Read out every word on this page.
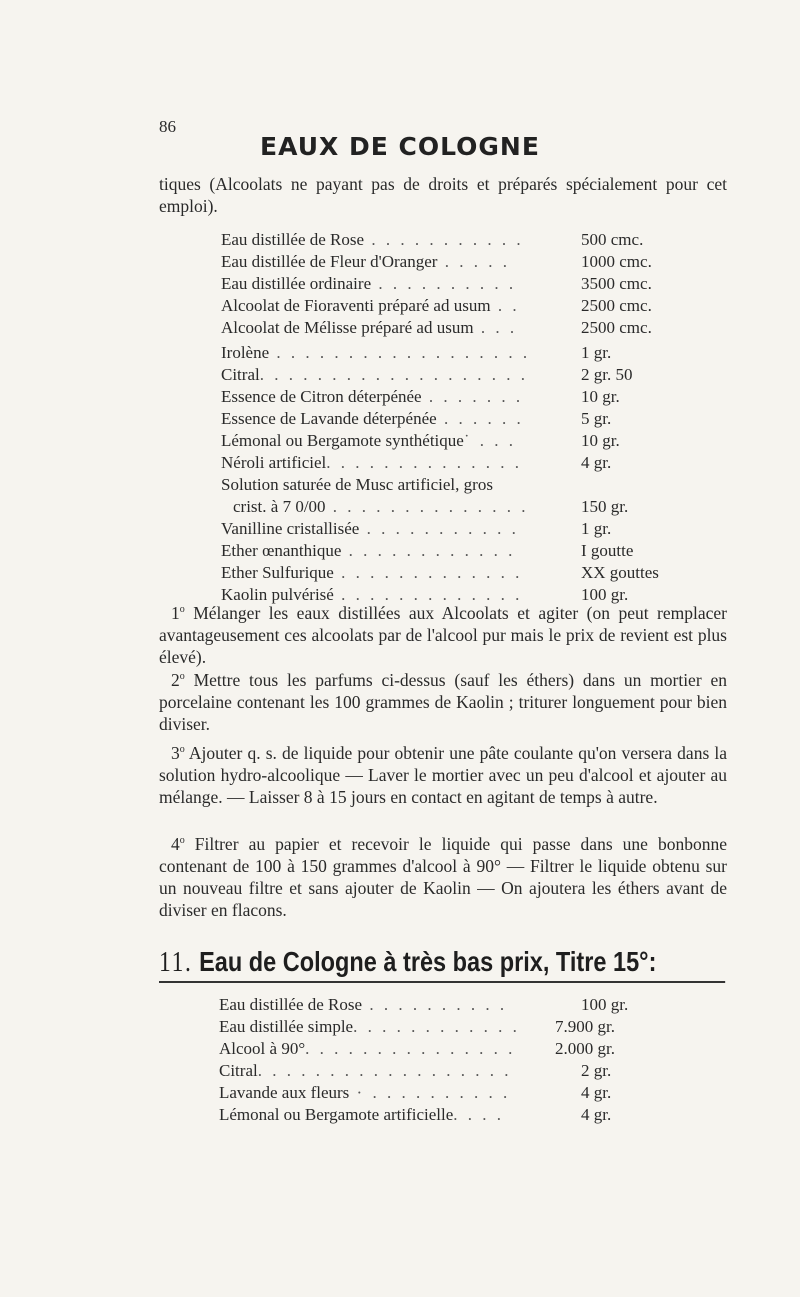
86
EAUX DE COLOGNE
tiques (Alcoolats ne payant pas de droits et préparés spécialement pour cet emploi).
Eau distillée de Rose . . . . . . . . . . .	500 cmc.
Eau distillée de Fleur d'Oranger . . . . .	1000 cmc.
Eau distillée ordinaire . . . . . . . . . .	3500 cmc.
Alcoolat de Fioraventi préparé ad usum . .	2500 cmc.
Alcoolat de Mélisse préparé ad usum . . .	2500 cmc.
Irolène . . . . . . . . . . . . . . . . . .	1 gr.
Citral. . . . . . . . . . . . . . . . . . .	2 gr. 50
Essence de Citron déterpénée . . . . . . .	10 gr.
Essence de Lavande déterpénée . . . . . .	5 gr.
Lémonal ou Bergamote synthétique˙ . . .	10 gr.
Néroli artificiel. . . . . . . . . . . . . .	4 gr.
Solution saturée de Musc artificiel, gros
crist. à 7 0/00 . . . . . . . . . . . . . .	150 gr.
Vanilline cristallisée . . . . . . . . . . .	1 gr.
Ether œnanthique . . . . . . . . . . . .	I goutte
Ether Sulfurique . . . . . . . . . . . . .	XX gouttes
Kaolin pulvérisé . . . . . . . . . . . . .	100 gr.
1$^o$ Mélanger les eaux distillées aux Alcoolats et agiter (on peut remplacer avantageusement ces alcoolats par de l'alcool pur mais le prix de revient est plus élevé).
2$^o$ Mettre tous les parfums ci-dessus (sauf les éthers) dans un mortier en porcelaine contenant les 100 grammes de Kaolin ; triturer longuement pour bien diviser.
3$^o$ Ajouter q. s. de liquide pour obtenir une pâte coulante qu'on versera dans la solution hydro-alcoolique — Laver le mortier avec un peu d'alcool et ajouter au mélange. — Laisser 8 à 15 jours en contact en agitant de temps à autre.
4$^o$ Filtrer au papier et recevoir le liquide qui passe dans une bonbonne contenant de 100 à 150 grammes d'alcool à 90° — Filtrer le liquide obtenu sur un nouveau filtre et sans ajouter de Kaolin — On ajoutera les éthers avant de diviser en flacons.
11. Eau de Cologne à très bas prix, Titre 15°:
Eau distillée de Rose . . . . . . . . . .	100 gr.
Eau distillée simple. . . . . . . . . . . . 7.900 gr.
Alcool à 90°. . . . . . . . . . . . . . . 2.000 gr.
Citral. . . . . . . . . . . . . . . . . .	2 gr.
Lavande aux fleurs · . . . . . . . . . .	4 gr.
Lémonal ou Bergamote artificielle. . . .	4 gr.
